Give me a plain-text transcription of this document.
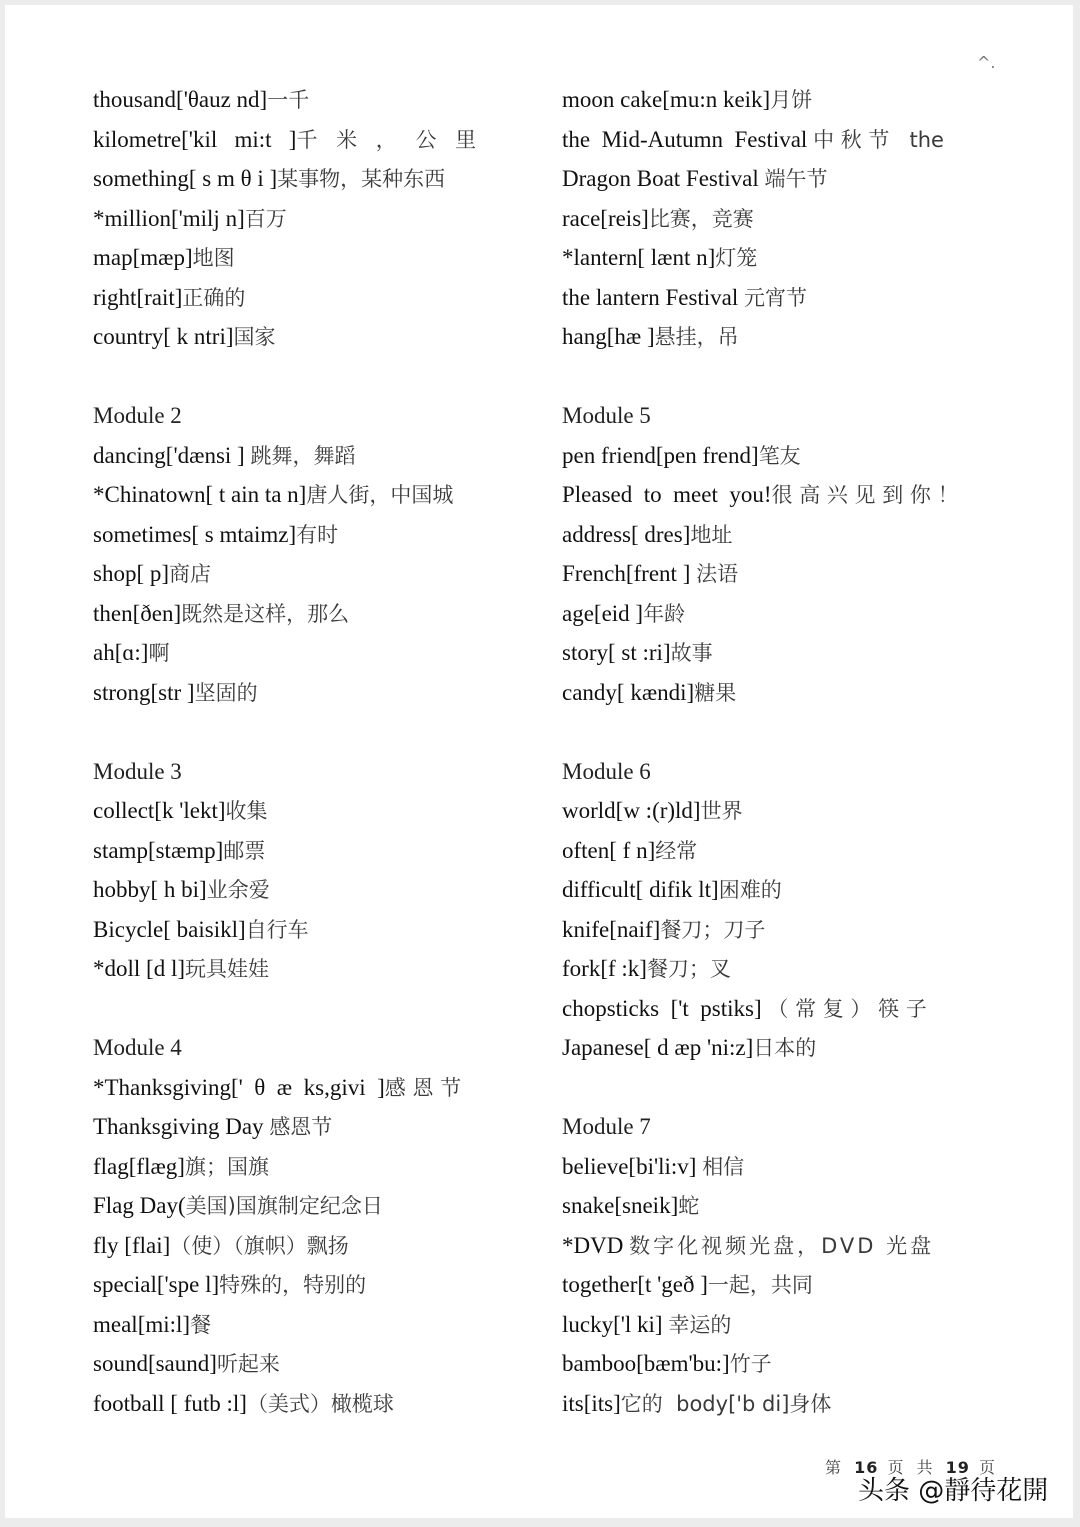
^.
thousand['θauz nd]一千
kilometre['kil   mi:t   ]千 米 ， 公 里
something[ s m θ i ]某事物，某种东西
*million['milj n]百万
map[mæp]地图
right[rait]正确的
country[ k ntri]国家
Module 2
dancing['dænsi ] 跳舞，舞蹈
*Chinatown[ t ain ta n]唐人街，中国城
sometimes[ s mtaimz]有时
shop[ p]商店
then[ðen]既然是这样，那么
ah[ɑ:]啊
strong[str ]坚固的
Module 3
collect[k 'lekt]收集
stamp[stæmp]邮票
hobby[ h bi]业余爱
Bicycle[ baisikl]自行车
*doll [d l]玩具娃娃
Module 4
*Thanksgiving['  θ  æ  ks,givi  ]感 恩 节
Thanksgiving Day 感恩节
flag[flæg]旗；国旗
Flag Day(美国)国旗制定纪念日
fly [flai]（使）（旗帜）飘扬
special['spe l]特殊的，特别的
meal[mi:l]餐
sound[saund]听起来
football [ futb :l]（美式）橄榄球
moon cake[mu:n keik]月饼
the  Mid-Autumn  Festival 中 秋 节   the
Dragon Boat Festival 端午节
race[reis]比赛，竞赛
*lantern[ lænt n]灯笼
the lantern Festival 元宵节
hang[hæ ]悬挂，吊
Module 5
pen friend[pen frend]笔友
Pleased  to  meet  you!很 高 兴 见 到 你 ！
address[ dres]地址
French[frent ] 法语
age[eid ]年龄
story[ st :ri]故事
candy[ kændi]糖果
Module 6
world[w :(r)ld]世界
often[ f n]经常
difficult[ difik lt]困难的
knife[naif]餐刀；刀子
fork[f :k]餐刀；叉
chopsticks  ['t  pstiks] （ 常 复 ） 筷 子
Japanese[ d æp 'ni:z]日本的
Module 7
believe[bi'li:v] 相信
snake[sneik]蛇
*DVD 数字化视频光盘，DVD 光盘
together[t 'geð ]一起，共同
lucky['l ki] 幸运的
bamboo[bæm'bu:]竹子
its[its]它的  body['b di]身体
第 16 页 共 19 页
头条 @靜待花開
